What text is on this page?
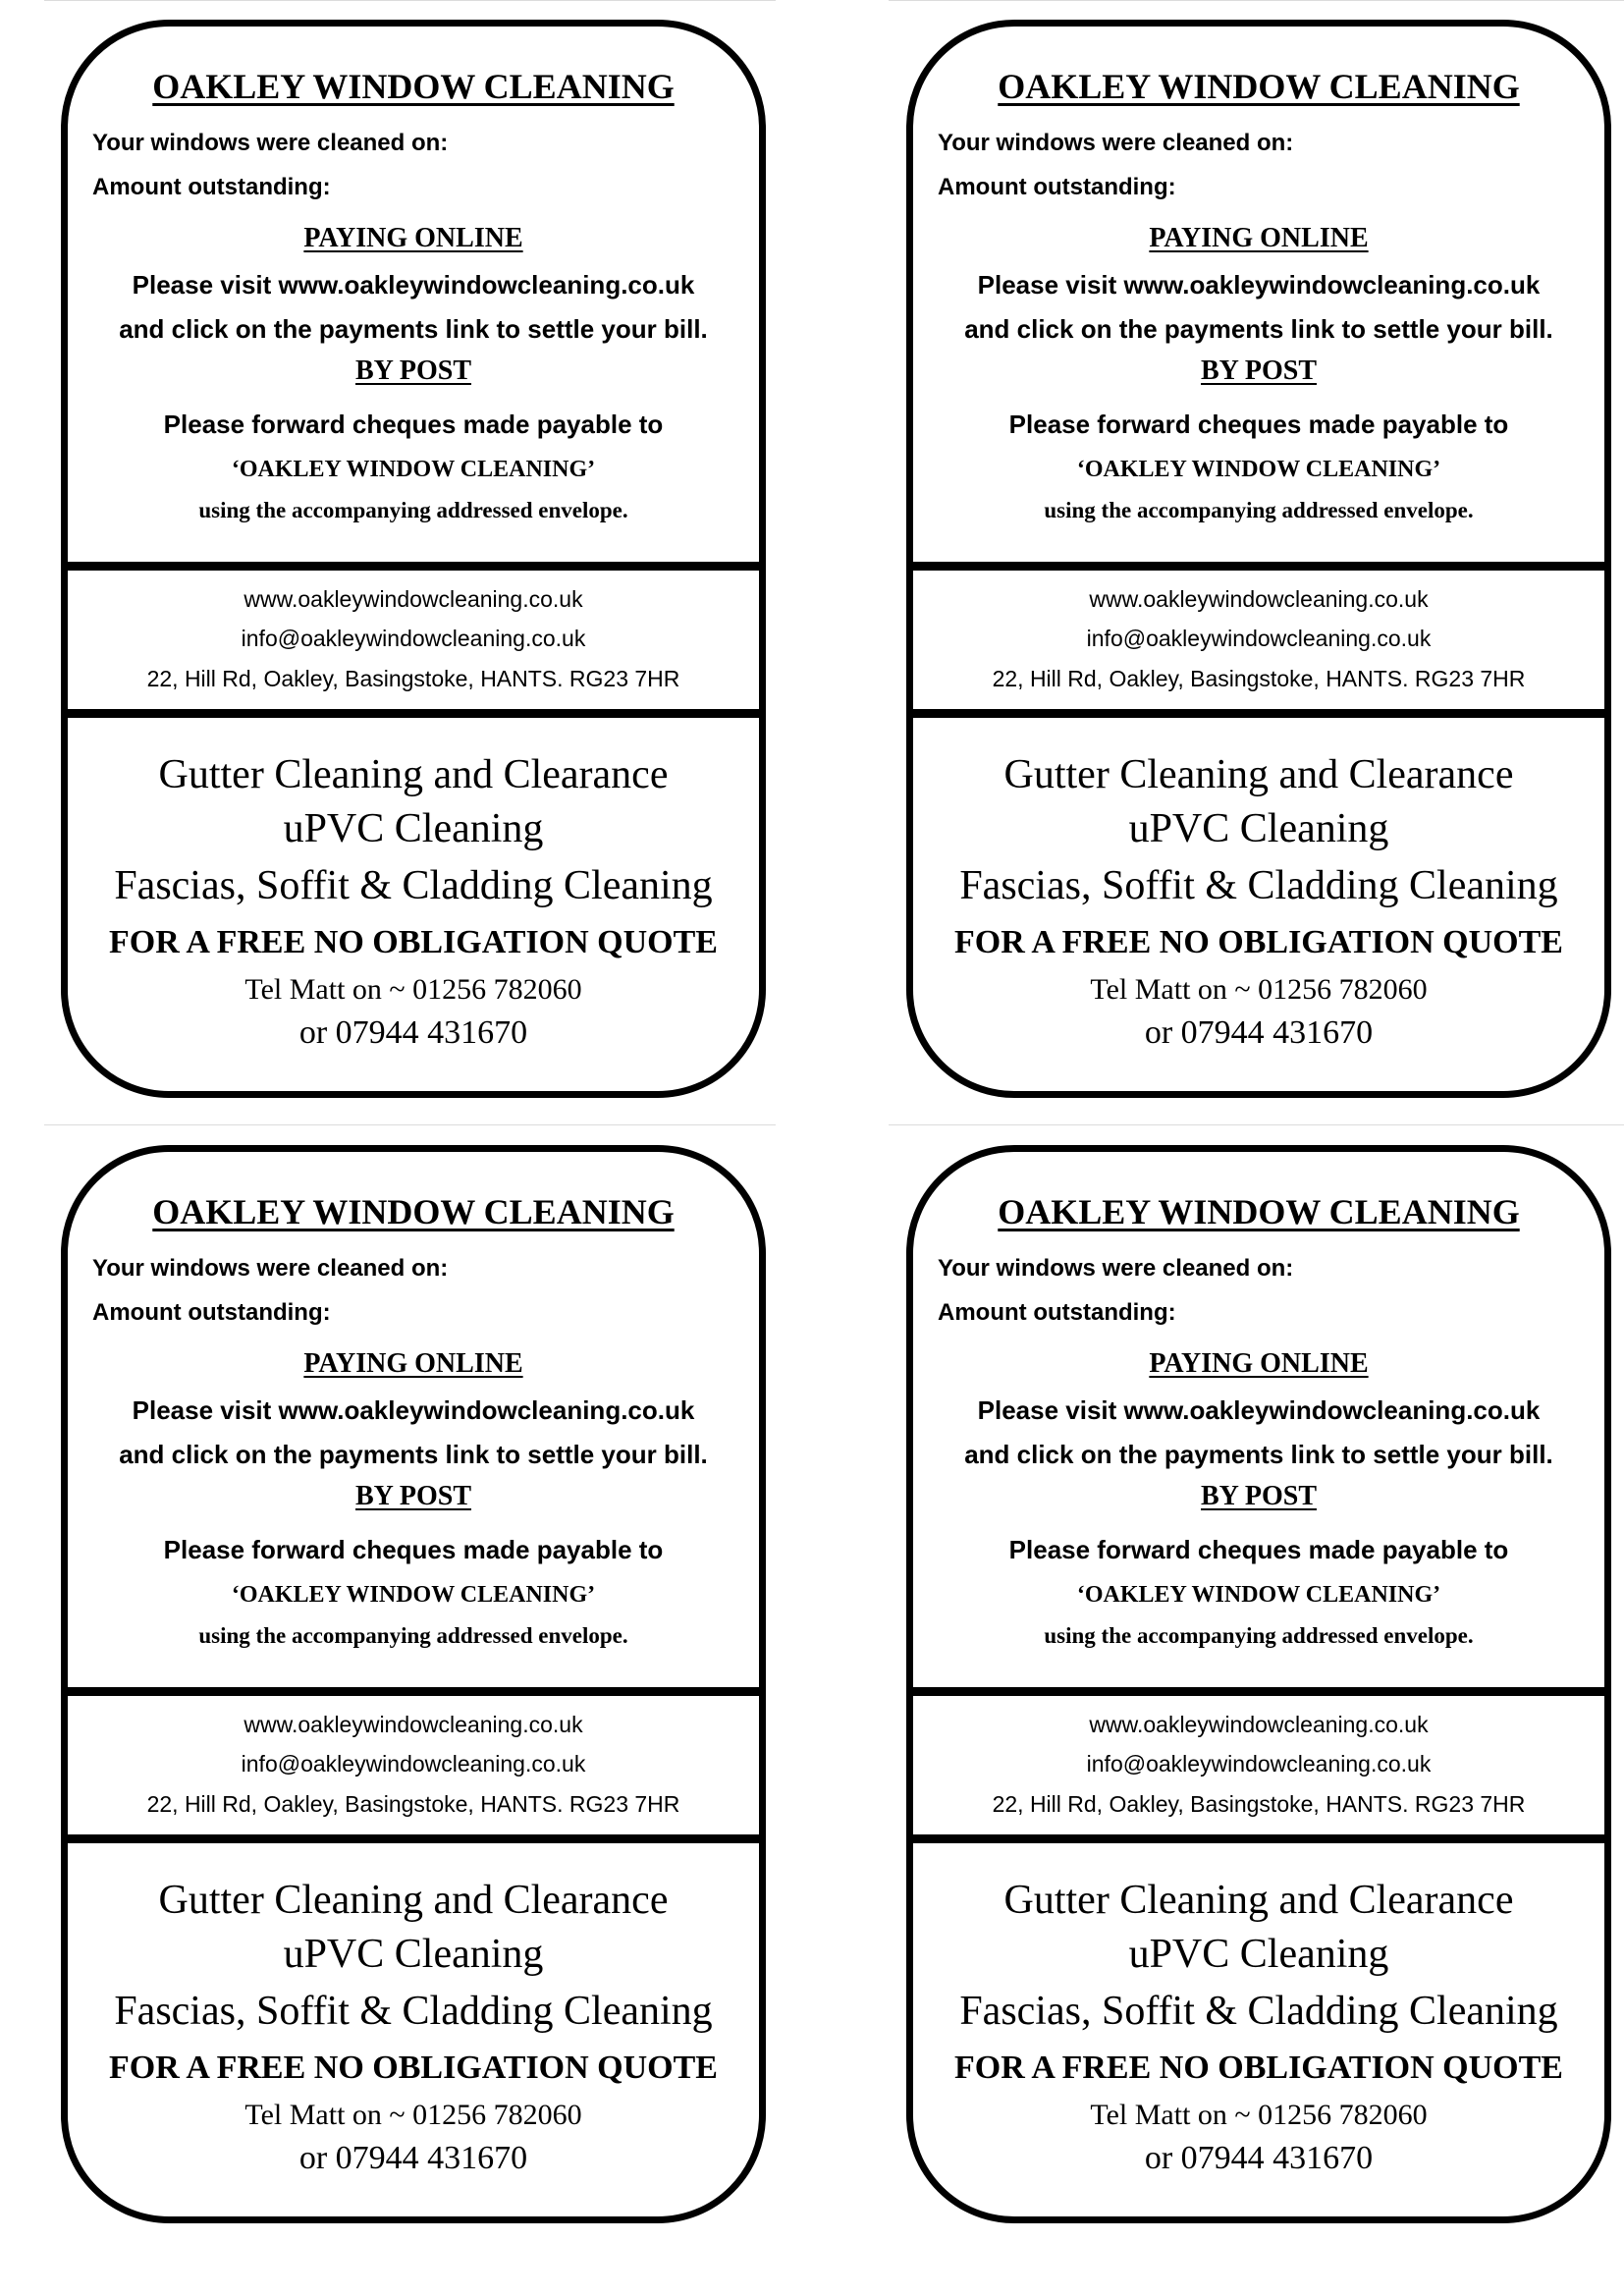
OAKLEY WINDOW CLEANING
Your windows were cleaned on:
Amount outstanding:
PAYING ONLINE
Please visit www.oakleywindowcleaning.co.uk
and click on the payments link to settle your bill.
BY POST
Please forward cheques made payable to
‘OAKLEY WINDOW CLEANING’
using the accompanying addressed envelope.
www.oakleywindowcleaning.co.uk
info@oakleywindowcleaning.co.uk
22, Hill Rd, Oakley, Basingstoke, HANTS. RG23 7HR
Gutter Cleaning and Clearance
uPVC Cleaning
Fascias, Soffit & Cladding Cleaning
FOR A FREE NO OBLIGATION QUOTE
Tel Matt on ~ 01256 782060
or 07944 431670
OAKLEY WINDOW CLEANING
Your windows were cleaned on:
Amount outstanding:
PAYING ONLINE
Please visit www.oakleywindowcleaning.co.uk
and click on the payments link to settle your bill.
BY POST
Please forward cheques made payable to
‘OAKLEY WINDOW CLEANING’
using the accompanying addressed envelope.
www.oakleywindowcleaning.co.uk
info@oakleywindowcleaning.co.uk
22, Hill Rd, Oakley, Basingstoke, HANTS. RG23 7HR
Gutter Cleaning and Clearance
uPVC Cleaning
Fascias, Soffit & Cladding Cleaning
FOR A FREE NO OBLIGATION QUOTE
Tel Matt on ~ 01256 782060
or 07944 431670
OAKLEY WINDOW CLEANING
Your windows were cleaned on:
Amount outstanding:
PAYING ONLINE
Please visit www.oakleywindowcleaning.co.uk
and click on the payments link to settle your bill.
BY POST
Please forward cheques made payable to
‘OAKLEY WINDOW CLEANING’
using the accompanying addressed envelope.
www.oakleywindowcleaning.co.uk
info@oakleywindowcleaning.co.uk
22, Hill Rd, Oakley, Basingstoke, HANTS. RG23 7HR
Gutter Cleaning and Clearance
uPVC Cleaning
Fascias, Soffit & Cladding Cleaning
FOR A FREE NO OBLIGATION QUOTE
Tel Matt on ~ 01256 782060
or 07944 431670
OAKLEY WINDOW CLEANING
Your windows were cleaned on:
Amount outstanding:
PAYING ONLINE
Please visit www.oakleywindowcleaning.co.uk
and click on the payments link to settle your bill.
BY POST
Please forward cheques made payable to
‘OAKLEY WINDOW CLEANING’
using the accompanying addressed envelope.
www.oakleywindowcleaning.co.uk
info@oakleywindowcleaning.co.uk
22, Hill Rd, Oakley, Basingstoke, HANTS. RG23 7HR
Gutter Cleaning and Clearance
uPVC Cleaning
Fascias, Soffit & Cladding Cleaning
FOR A FREE NO OBLIGATION QUOTE
Tel Matt on ~ 01256 782060
or 07944 431670
